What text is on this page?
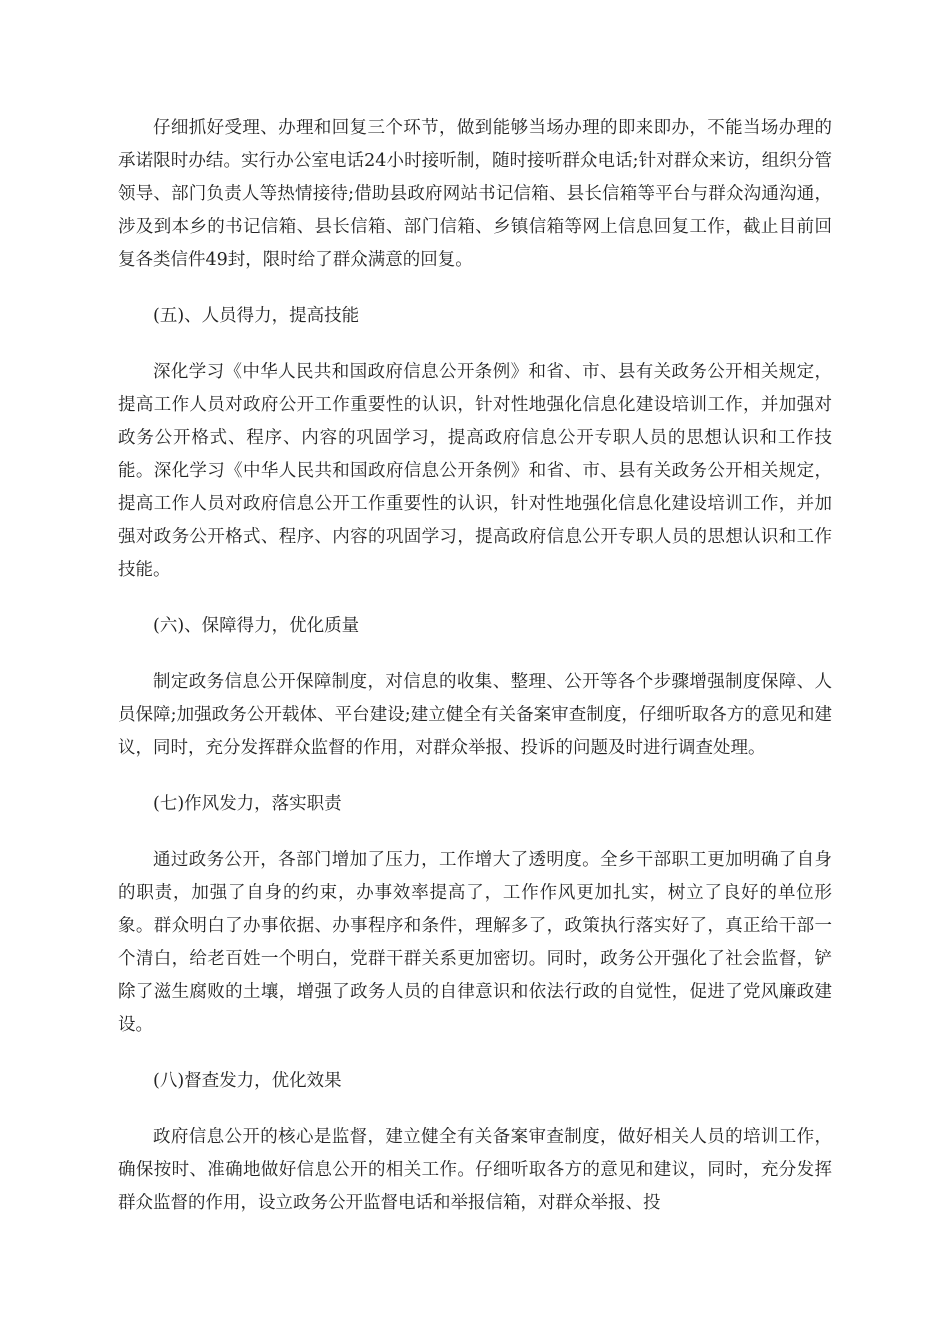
仔细抓好受理、办理和回复三个环节，做到能够当场办理的即来即办，不能当场办理的承诺限时办结。实行办公室电话24小时接听制，随时接听群众电话;针对群众来访，组织分管领导、部门负责人等热情接待;借助县政府网站书记信箱、县长信箱等平台与群众沟通沟通，涉及到本乡的书记信箱、县长信箱、部门信箱、乡镇信箱等网上信息回复工作，截止目前回复各类信件49封，限时给了群众满意的回复。

(五)、人员得力，提高技能

深化学习《中华人民共和国政府信息公开条例》和省、市、县有关政务公开相关规定，提高工作人员对政府公开工作重要性的认识，针对性地强化信息化建设培训工作，并加强对政务公开格式、程序、内容的巩固学习，提高政府信息公开专职人员的思想认识和工作技能。深化学习《中华人民共和国政府信息公开条例》和省、市、县有关政务公开相关规定，提高工作人员对政府信息公开工作重要性的认识，针对性地强化信息化建设培训工作，并加强对政务公开格式、程序、内容的巩固学习，提高政府信息公开专职人员的思想认识和工作技能。

(六)、保障得力，优化质量

制定政务信息公开保障制度，对信息的收集、整理、公开等各个步骤增强制度保障、人员保障;加强政务公开载体、平台建设;建立健全有关备案审查制度，仔细听取各方的意见和建议，同时，充分发挥群众监督的作用，对群众举报、投诉的问题及时进行调查处理。

(七)作风发力，落实职责

通过政务公开，各部门增加了压力，工作增大了透明度。全乡干部职工更加明确了自身的职责，加强了自身的约束，办事效率提高了，工作作风更加扎实，树立了良好的单位形象。群众明白了办事依据、办事程序和条件，理解多了，政策执行落实好了，真正给干部一个清白，给老百姓一个明白，党群干群关系更加密切。同时，政务公开强化了社会监督，铲除了滋生腐败的土壤，增强了政务人员的自律意识和依法行政的自觉性，促进了党风廉政建设。

(八)督查发力，优化效果

政府信息公开的核心是监督，建立健全有关备案审查制度，做好相关人员的培训工作，确保按时、准确地做好信息公开的相关工作。仔细听取各方的意见和建议，同时，充分发挥群众监督的作用，设立政务公开监督电话和举报信箱，对群众举报、投
